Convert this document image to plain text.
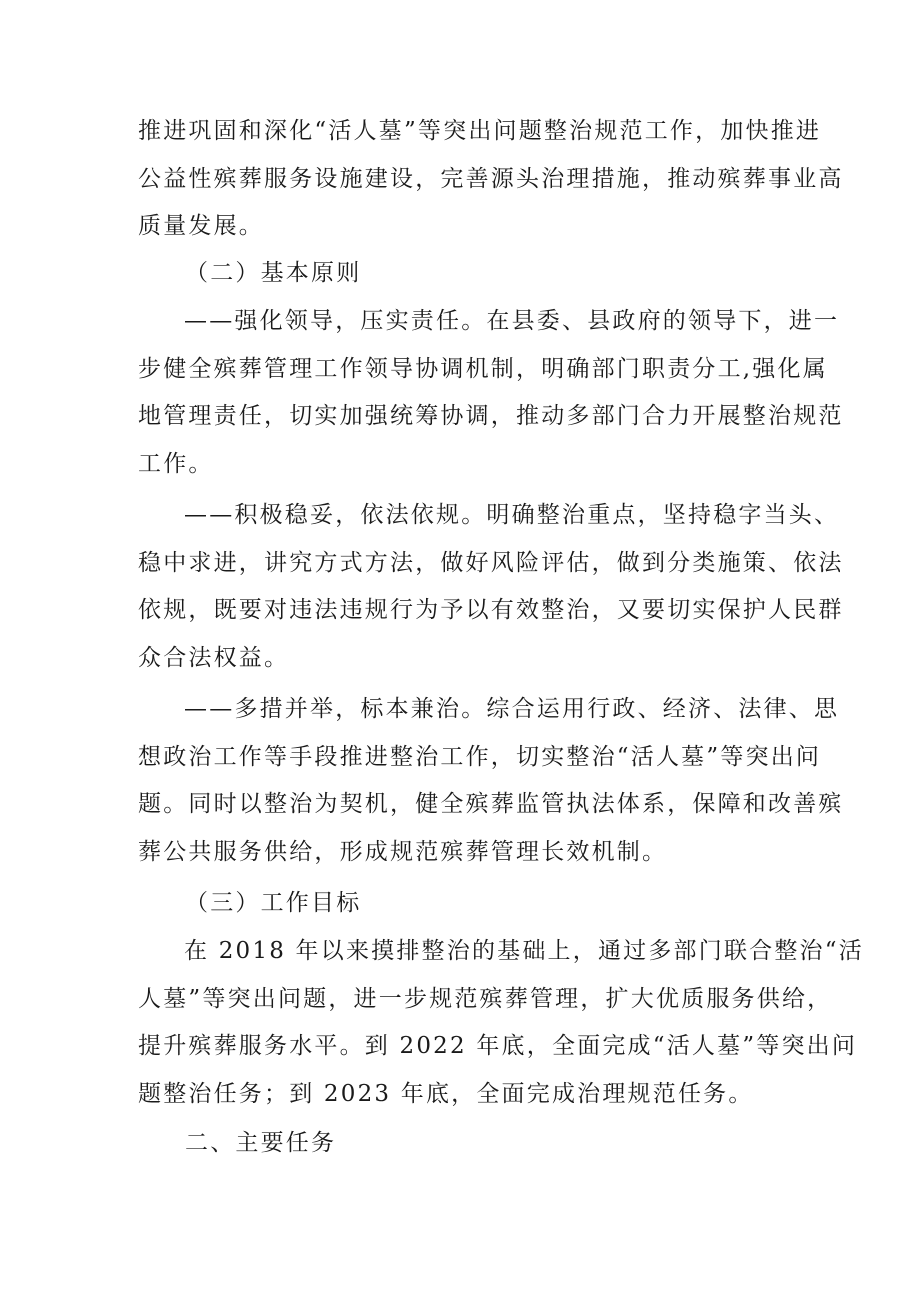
推进巩固和深化“活人墓”等突出问题整治规范工作，加快推进
公益性殡葬服务设施建设，完善源头治理措施，推动殡葬事业高
质量发展。
（二）基本原则
——强化领导，压实责任。在县委、县政府的领导下，进一
步健全殡葬管理工作领导协调机制，明确部门职责分工,强化属
地管理责任，切实加强统筹协调，推动多部门合力开展整治规范
工作。
——积极稳妥，依法依规。明确整治重点，坚持稳字当头、
稳中求进，讲究方式方法，做好风险评估，做到分类施策、依法
依规，既要对违法违规行为予以有效整治，又要切实保护人民群
众合法权益。
——多措并举，标本兼治。综合运用行政、经济、法律、思
想政治工作等手段推进整治工作，切实整治“活人墓”等突出问
题。同时以整治为契机，健全殡葬监管执法体系，保障和改善殡
葬公共服务供给，形成规范殡葬管理长效机制。
（三）工作目标
在 2018 年以来摸排整治的基础上，通过多部门联合整治“活
人墓”等突出问题，进一步规范殡葬管理，扩大优质服务供给，
提升殡葬服务水平。到 2022 年底，全面完成“活人墓”等突出问
题整治任务；到 2023 年底，全面完成治理规范任务。
二、主要任务
